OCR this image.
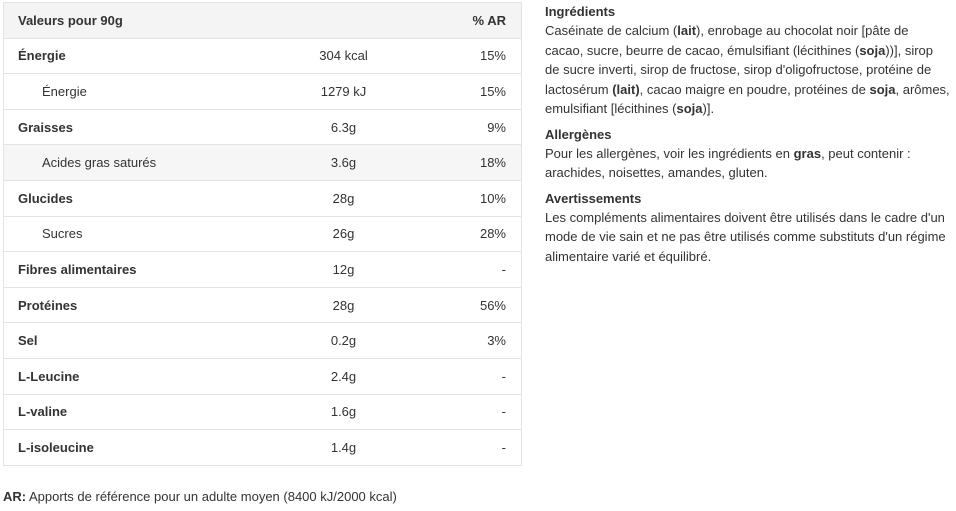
Valeurs pour 90g		% AR
Énergie	304 kcal	15%
Énergie	1279 kJ	15%
Graisses	6.3g	9%
Acides gras saturés	3.6g	18%
Glucides	28g	10%
Sucres	26g	28%
Fibres alimentaires	12g	-
Protéines	28g	56%
Sel	0.2g	3%
L-Leucine	2.4g	-
L-valine	1.6g	-
L-isoleucine	1.4g	-
AR: Apports de référence pour un adulte moyen (8400 kJ/2000 kcal)
Ingrédients
Caséinate de calcium (lait), enrobage au chocolat noir [pâte de cacao, sucre, beurre de cacao, émulsifiant (lécithines (soja))], sirop de sucre inverti, sirop de fructose, sirop d'oligofructose, protéine de lactosérum (lait), cacao maigre en poudre, protéines de soja, arômes, emulsifiant [lécithines (soja)].
Allergènes
Pour les allergènes, voir les ingrédients en gras, peut contenir : arachides, noisettes, amandes, gluten.
Avertissements
Les compléments alimentaires doivent être utilisés dans le cadre d'un mode de vie sain et ne pas être utilisés comme substituts d'un régime alimentaire varié et équilibré.
